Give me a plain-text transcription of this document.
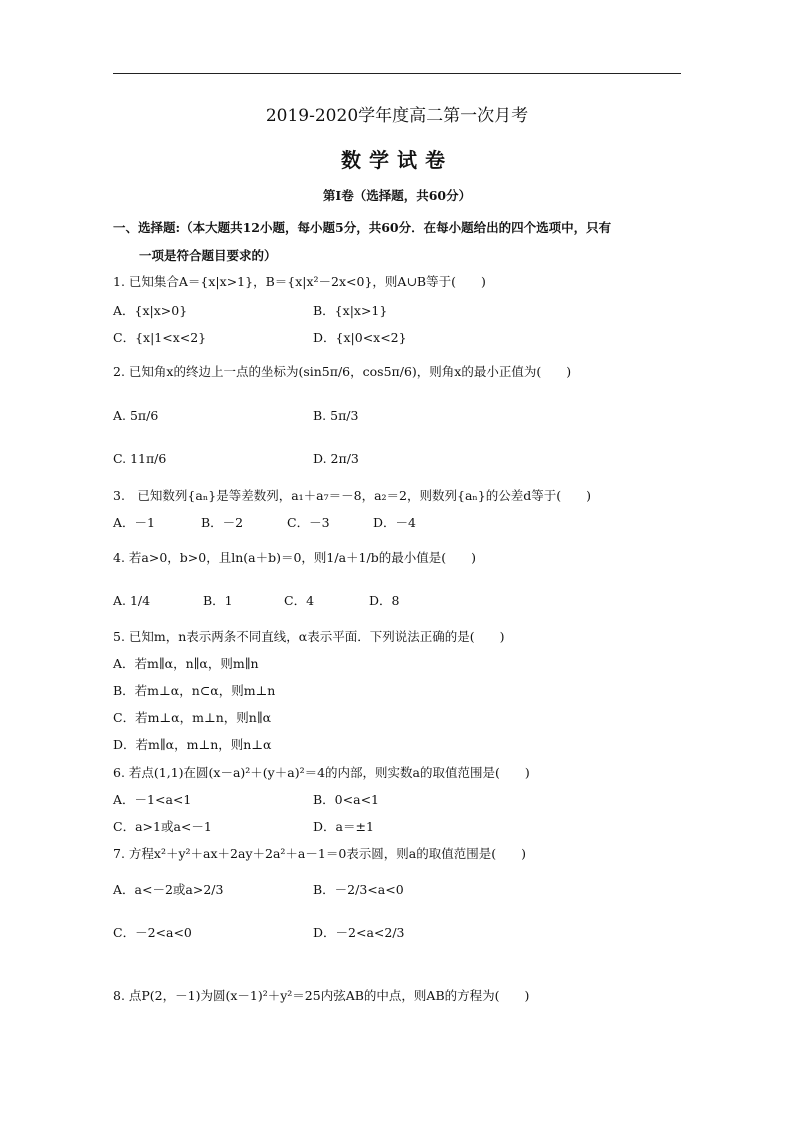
2019-2020学年度高二第一次月考
数学试卷
第Ⅰ卷（选择题，共60分）
一、选择题:（本大题共12小题，每小题5分，共60分．在每小题给出的四个选项中，只有
一项是符合题目要求的）
1. 已知集合A＝{x|x>1}，B＝{x|x²－2x<0}，则A∪B等于(　　)
A．{x|x>0}	B．{x|x>1}
C．{x|1<x<2}	D．{x|0<x<2}
2. 已知角x的终边上一点的坐标为(sin5π/6，cos5π/6)，则角x的最小正值为(　　)
A. 5π/6	B. 5π/3
C. 11π/6	D. 2π/3
3.　已知数列{aₙ}是等差数列，a₁＋a₇＝－8，a₂＝2，则数列{aₙ}的公差d等于(　　)
A．－1	B．－2	C．－3	D．－4
4. 若a>0，b>0，且ln(a＋b)＝0，则1/a＋1/b的最小值是(　　)
A. 1/4	B．1	C．4	D．8
5. 已知m，n表示两条不同直线，α表示平面．下列说法正确的是(　　)
A．若m∥α，n∥α，则m∥n
B．若m⊥α，n⊂α，则m⊥n
C．若m⊥α，m⊥n，则n∥α
D．若m∥α，m⊥n，则n⊥α
6. 若点(1,1)在圆(x－a)²＋(y＋a)²＝4的内部，则实数a的取值范围是(　　)
A．－1<a<1	B．0<a<1
C．a>1或a<－1	D．a＝±1
7. 方程x²＋y²＋ax＋2ay＋2a²＋a－1＝0表示圆，则a的取值范围是(　　)
A．a<－2或a>2/3	B．－2/3<a<0
C．－2<a<0	D．－2<a<2/3
8. 点P(2，－1)为圆(x－1)²＋y²＝25内弦AB的中点，则AB的方程为(　　)
